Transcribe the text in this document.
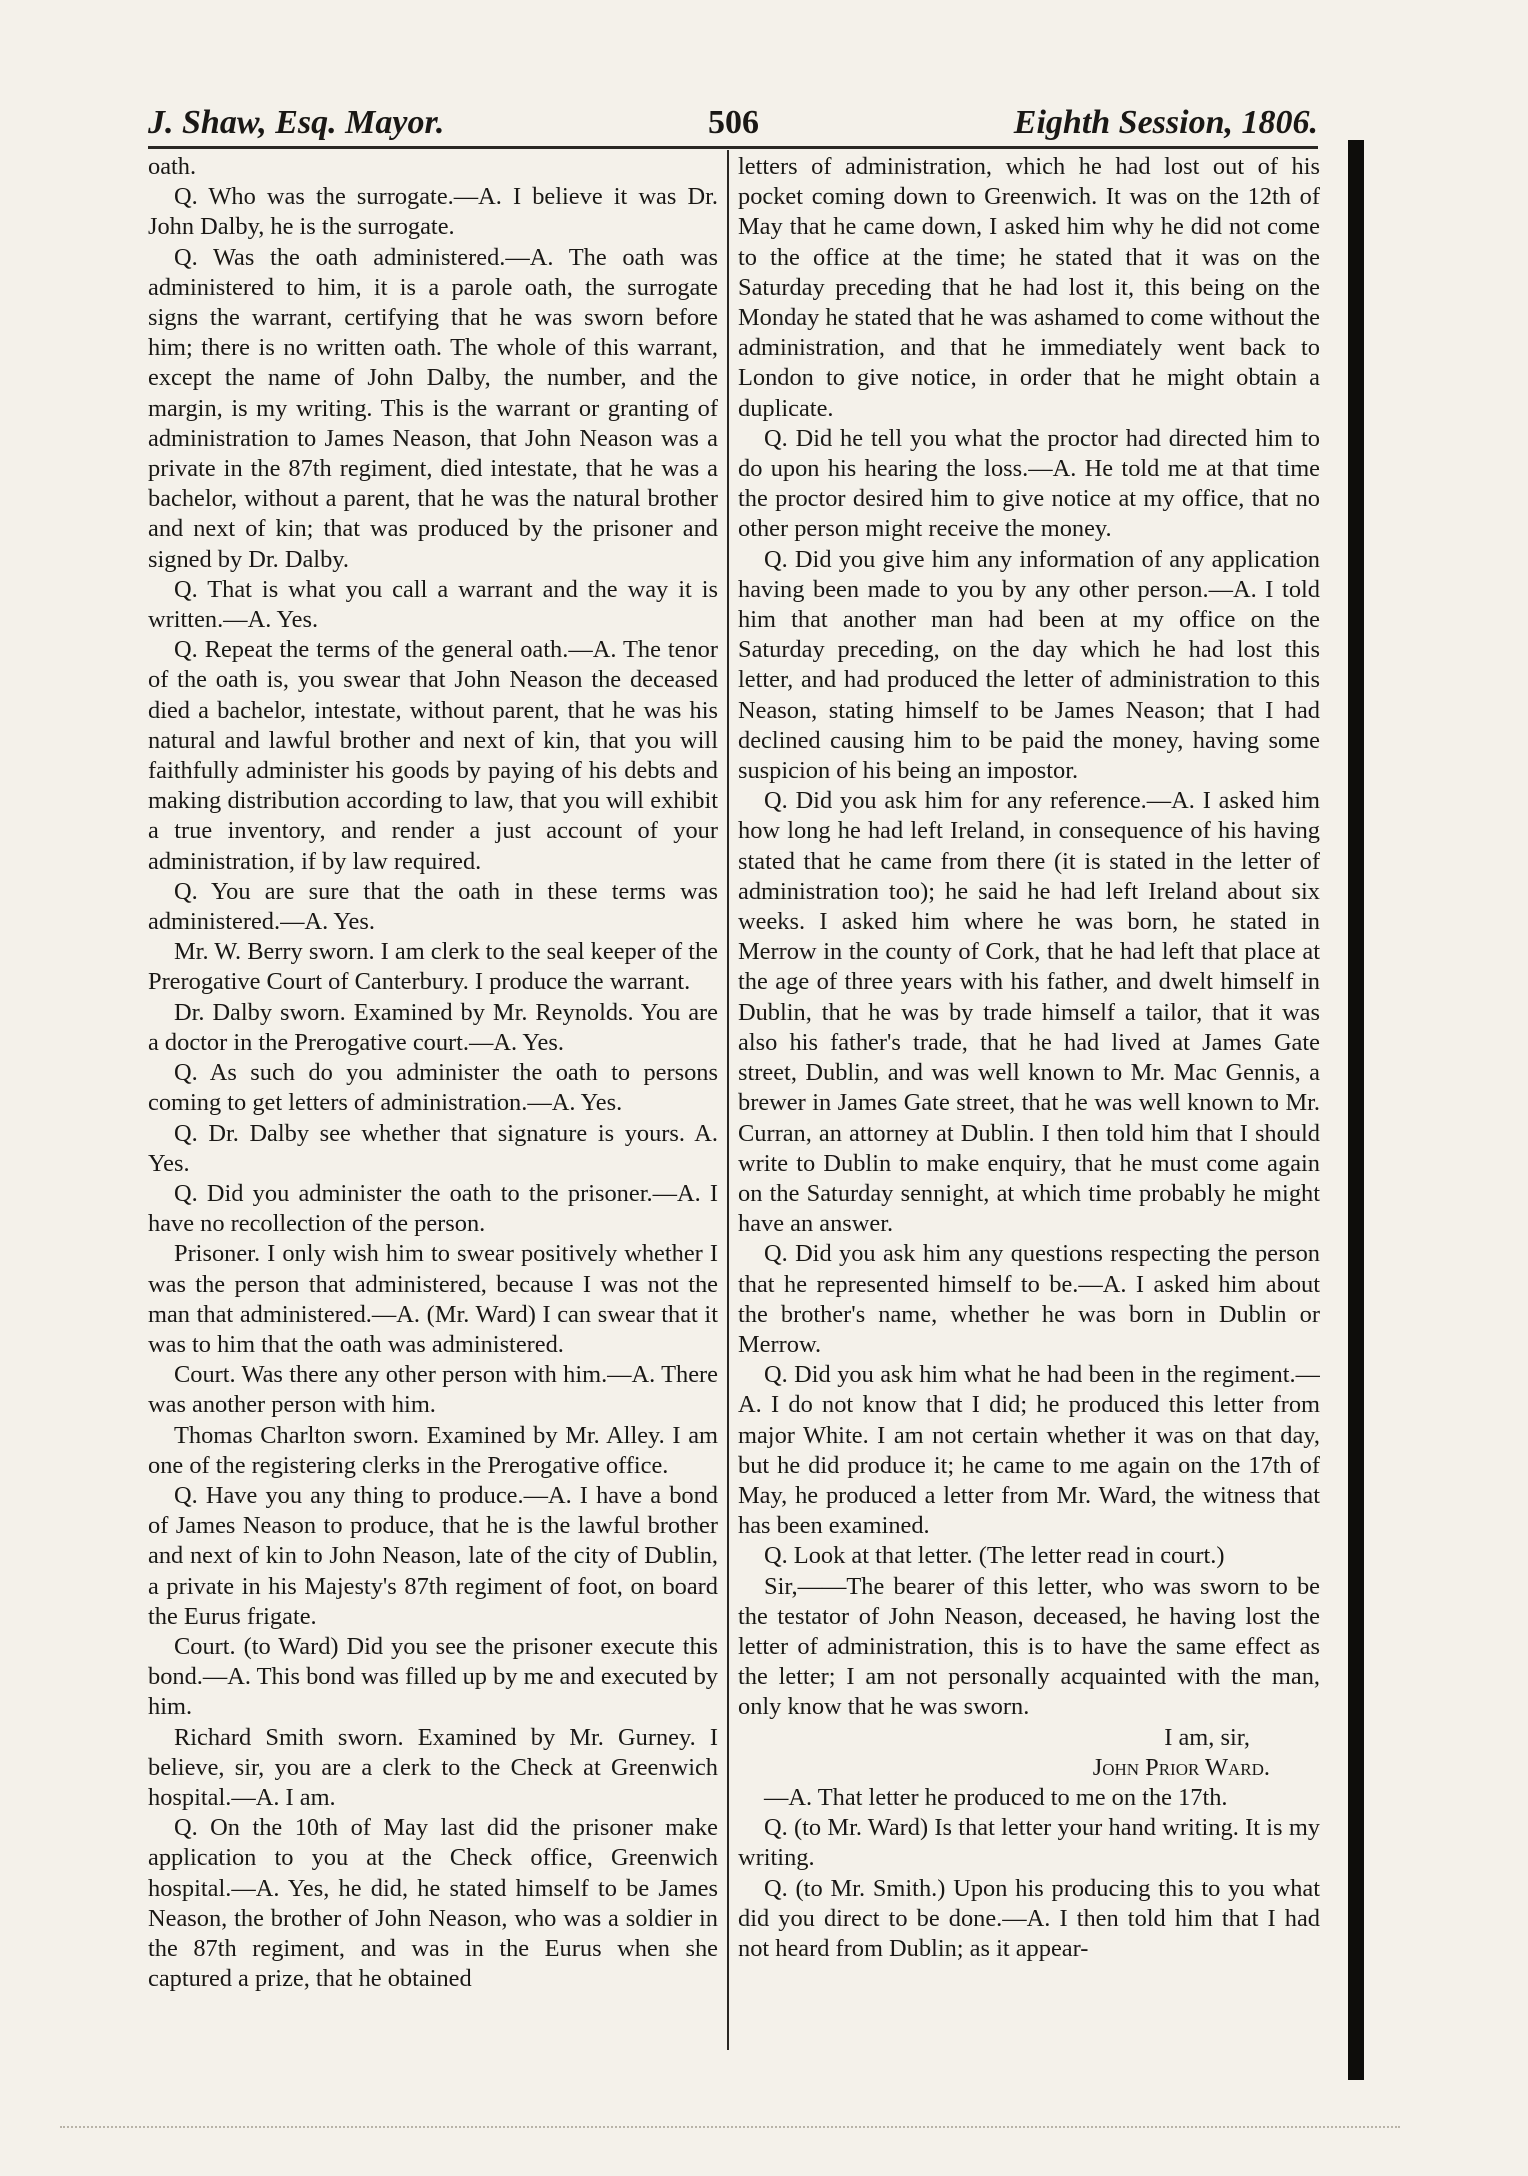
J. Shaw, Esq. Mayor.	506	Eighth Session, 1806.

oath.

Q. Who was the surrogate.—A. I believe it was Dr. John Dalby, he is the surrogate.

Q. Was the oath administered.—A. The oath was administered to him, it is a parole oath, the surrogate signs the warrant, certifying that he was sworn before him; there is no written oath. The whole of this warrant, except the name of John Dalby, the number, and the margin, is my writing. This is the warrant or granting of administration to James Neason, that John Neason was a private in the 87th regiment, died intestate, that he was a bachelor, without a parent, that he was the natural brother and next of kin; that was produced by the prisoner and signed by Dr. Dalby.

Q. That is what you call a warrant and the way it is written.—A. Yes.

Q. Repeat the terms of the general oath.—A. The tenor of the oath is, you swear that John Neason the deceased died a bachelor, intestate, without parent, that he was his natural and lawful brother and next of kin, that you will faithfully administer his goods by paying of his debts and making distribution according to law, that you will exhibit a true inventory, and render a just account of your administration, if by law required.

Q. You are sure that the oath in these terms was administered.—A. Yes.

Mr. W. Berry sworn. I am clerk to the seal keeper of the Prerogative Court of Canterbury. I produce the warrant.

Dr. Dalby sworn. Examined by Mr. Reynolds. You are a doctor in the Prerogative court.—A. Yes.

Q. As such do you administer the oath to persons coming to get letters of administration.—A. Yes.

Q. Dr. Dalby see whether that signature is yours. A. Yes.

Q. Did you administer the oath to the prisoner.—A. I have no recollection of the person.

Prisoner. I only wish him to swear positively whether I was the person that administered, because I was not the man that administered.—A. (Mr. Ward) I can swear that it was to him that the oath was administered.

Court. Was there any other person with him.—A. There was another person with him.

Thomas Charlton sworn. Examined by Mr. Alley. I am one of the registering clerks in the Prerogative office.

Q. Have you any thing to produce.—A. I have a bond of James Neason to produce, that he is the lawful brother and next of kin to John Neason, late of the city of Dublin, a private in his Majesty's 87th regiment of foot, on board the Eurus frigate.

Court. (to Ward) Did you see the prisoner execute this bond.—A. This bond was filled up by me and executed by him.

Richard Smith sworn. Examined by Mr. Gurney. I believe, sir, you are a clerk to the Check at Greenwich hospital.—A. I am.

Q. On the 10th of May last did the prisoner make application to you at the Check office, Greenwich hospital.—A. Yes, he did, he stated himself to be James Neason, the brother of John Neason, who was a soldier in the 87th regiment, and was in the Eurus when she captured a prize, that he obtained

letters of administration, which he had lost out of his pocket coming down to Greenwich. It was on the 12th of May that he came down, I asked him why he did not come to the office at the time; he stated that it was on the Saturday preceding that he had lost it, this being on the Monday he stated that he was ashamed to come without the administration, and that he immediately went back to London to give notice, in order that he might obtain a duplicate.

Q. Did he tell you what the proctor had directed him to do upon his hearing the loss.—A. He told me at that time the proctor desired him to give notice at my office, that no other person might receive the money.

Q. Did you give him any information of any application having been made to you by any other person.—A. I told him that another man had been at my office on the Saturday preceding, on the day which he had lost this letter, and had produced the letter of administration to this Neason, stating himself to be James Neason; that I had declined causing him to be paid the money, having some suspicion of his being an impostor.

Q. Did you ask him for any reference.—A. I asked him how long he had left Ireland, in consequence of his having stated that he came from there (it is stated in the letter of administration too); he said he had left Ireland about six weeks. I asked him where he was born, he stated in Merrow in the county of Cork, that he had left that place at the age of three years with his father, and dwelt himself in Dublin, that he was by trade himself a tailor, that it was also his father's trade, that he had lived at James Gate street, Dublin, and was well known to Mr. Mac Gennis, a brewer in James Gate street, that he was well known to Mr. Curran, an attorney at Dublin. I then told him that I should write to Dublin to make enquiry, that he must come again on the Saturday sennight, at which time probably he might have an answer.

Q. Did you ask him any questions respecting the person that he represented himself to be.—A. I asked him about the brother's name, whether he was born in Dublin or Merrow.

Q. Did you ask him what he had been in the regiment.—A. I do not know that I did; he produced this letter from major White. I am not certain whether it was on that day, but he did produce it; he came to me again on the 17th of May, he produced a letter from Mr. Ward, the witness that has been examined.

Q. Look at that letter. (The letter read in court.)

Sir,——The bearer of this letter, who was sworn to be the testator of John Neason, deceased, he having lost the letter of administration, this is to have the same effect as the letter; I am not personally acquainted with the man, only know that he was sworn.

I am, sir,

John Prior Ward.

—A. That letter he produced to me on the 17th.

Q. (to Mr. Ward) Is that letter your hand writing. It is my writing.

Q. (to Mr. Smith.) Upon his producing this to you what did you direct to be done.—A. I then told him that I had not heard from Dublin; as it appear-
